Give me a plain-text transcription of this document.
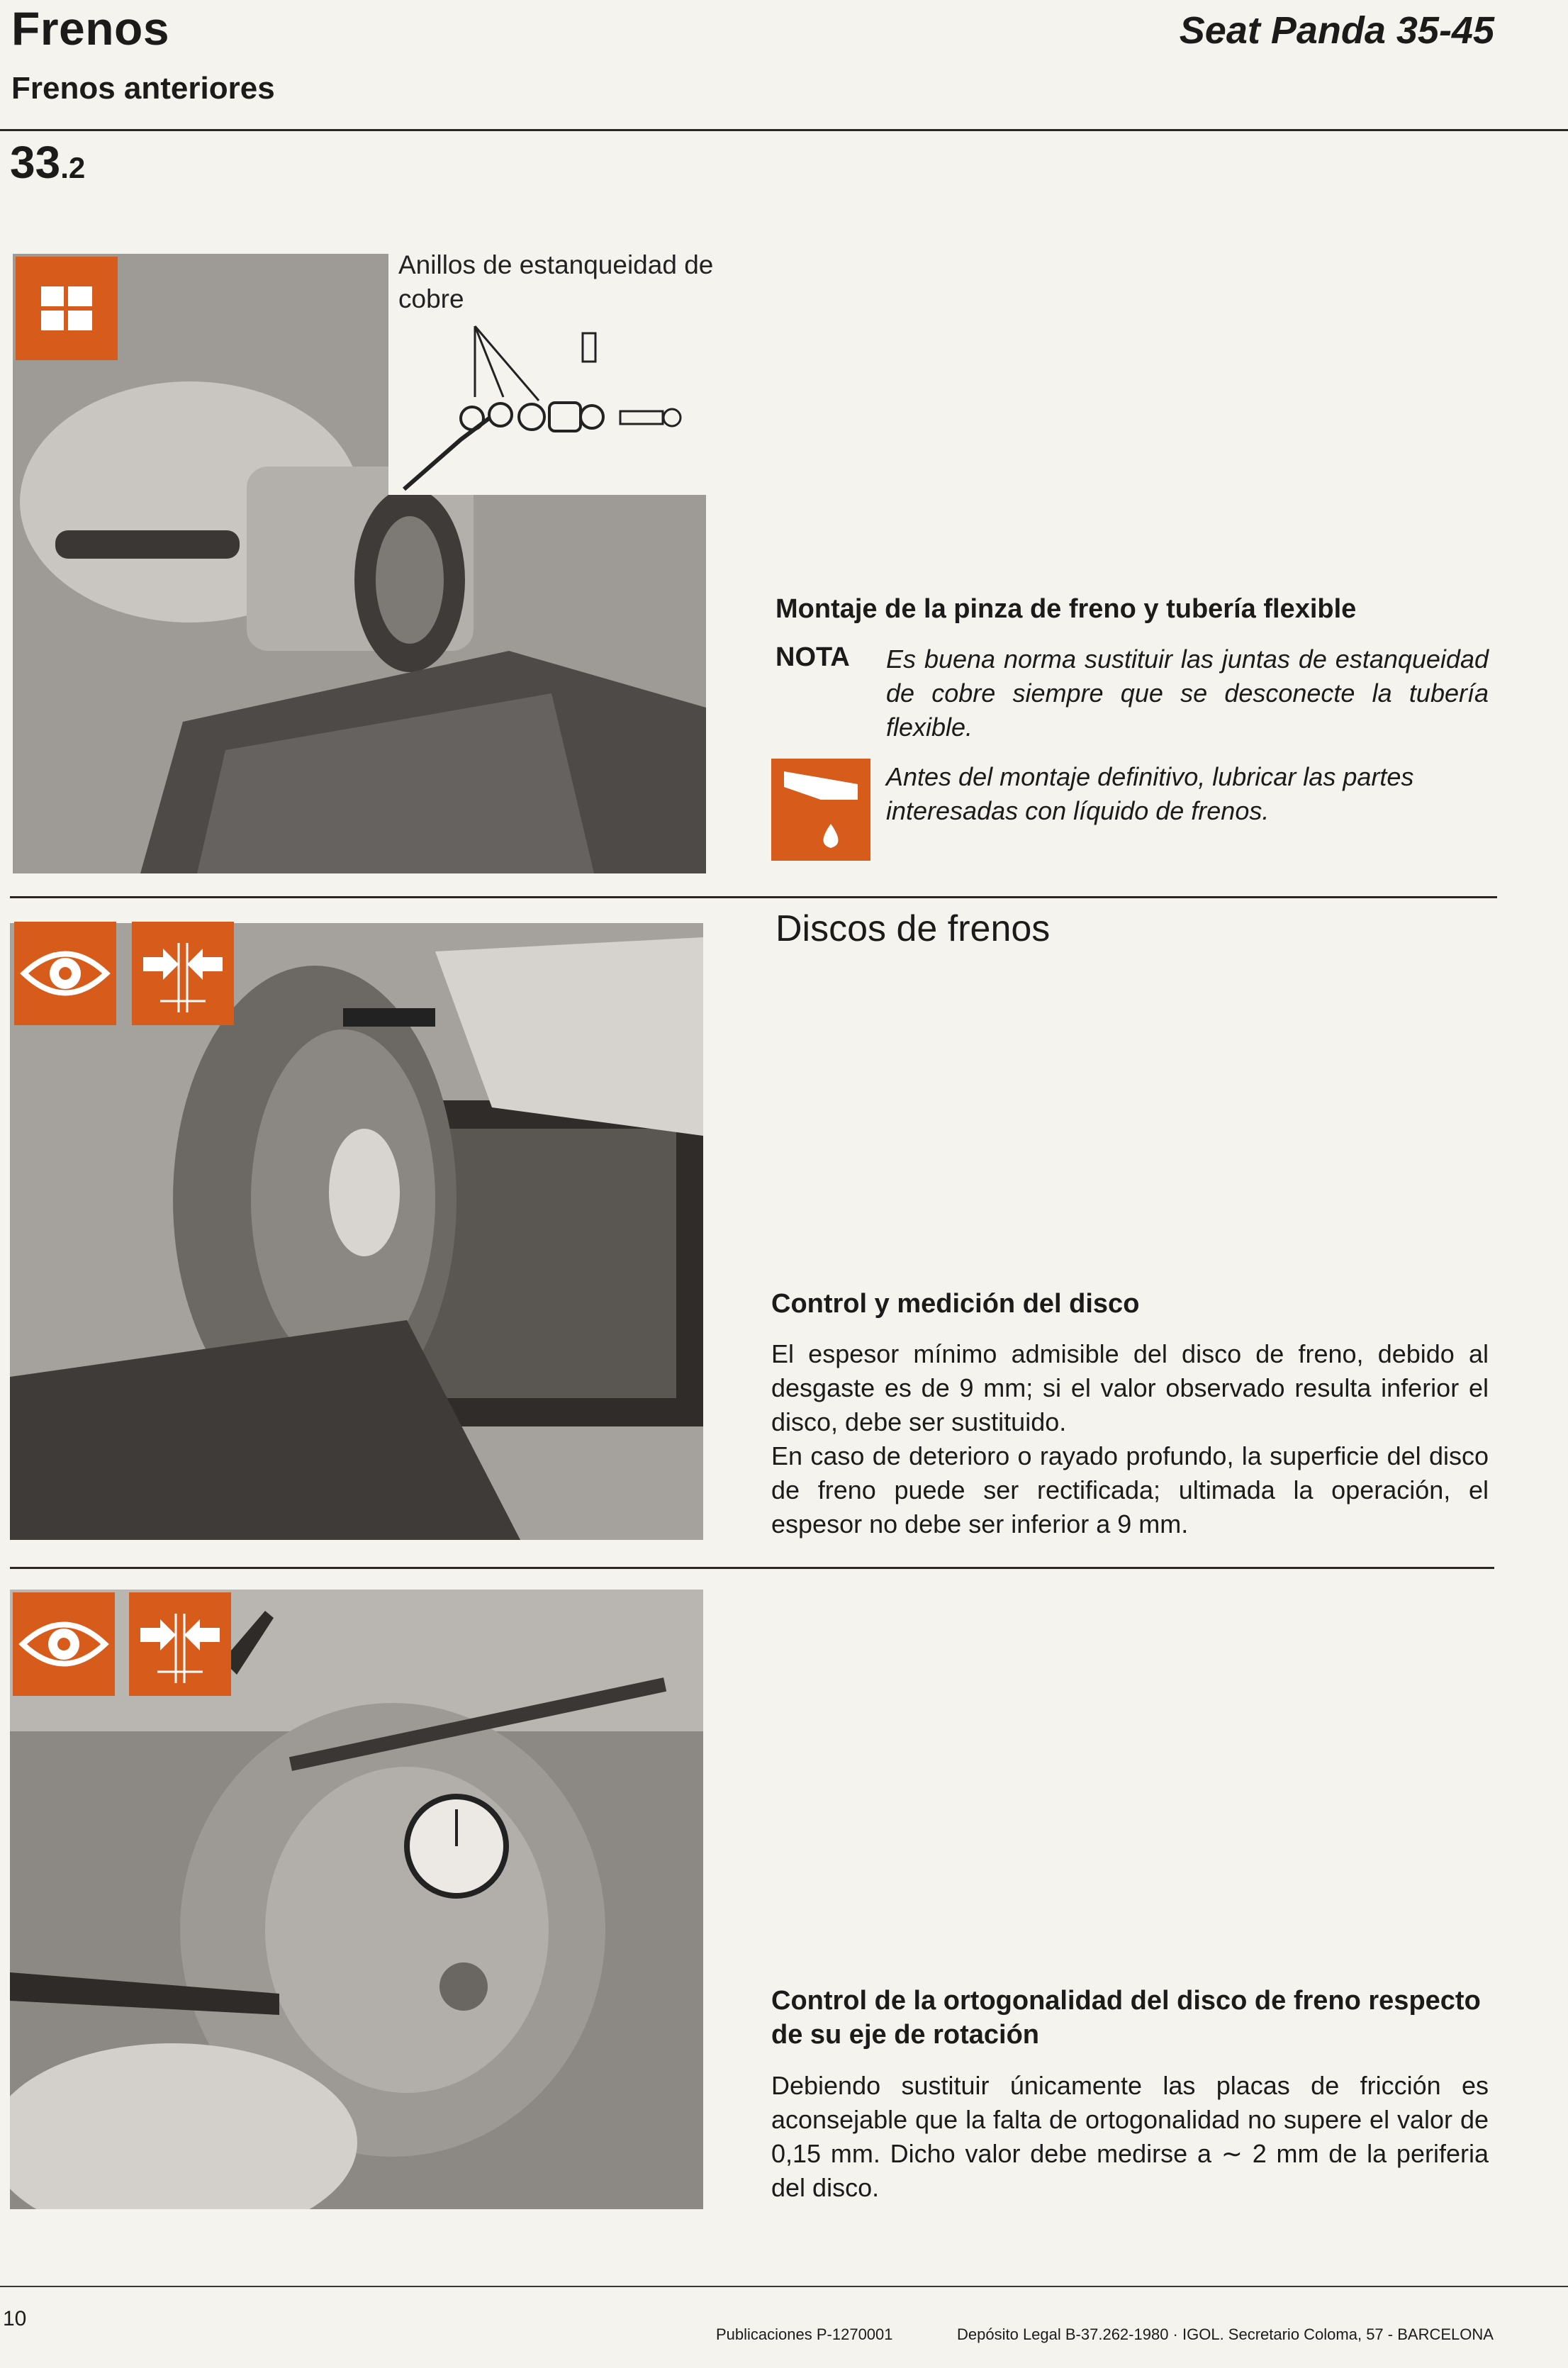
Frenos
Frenos anteriores
Seat Panda 35-45
33.2
Anillos de estanqueidad de cobre
Montaje de la pinza de freno y tubería flexible
NOTA Es buena norma sustituir las juntas de estanqueidad de cobre siempre que se desconecte la tubería flexible.
Antes del montaje definitivo, lubricar las partes interesadas con líquido de frenos.
Discos de frenos
Control y medición del disco
El espesor mínimo admisible del disco de freno, debido al desgaste es de 9 mm; si el valor observado resulta inferior el disco, debe ser sustituido.
En caso de deterioro o rayado profundo, la superficie del disco de freno puede ser rectificada; ultimada la operación, el espesor no debe ser inferior a 9 mm.
Control de la ortogonalidad del disco de freno respecto de su eje de rotación
Debiendo sustituir únicamente las placas de fricción es aconsejable que la falta de ortogonalidad no supere el valor de 0,15 mm. Dicho valor debe medirse a ∼ 2 mm de la periferia del disco.
10
Publicaciones P-1270001	Depósito Legal B-37.262-1980 · IGOL. Secretario Coloma, 57 - BARCELONA
